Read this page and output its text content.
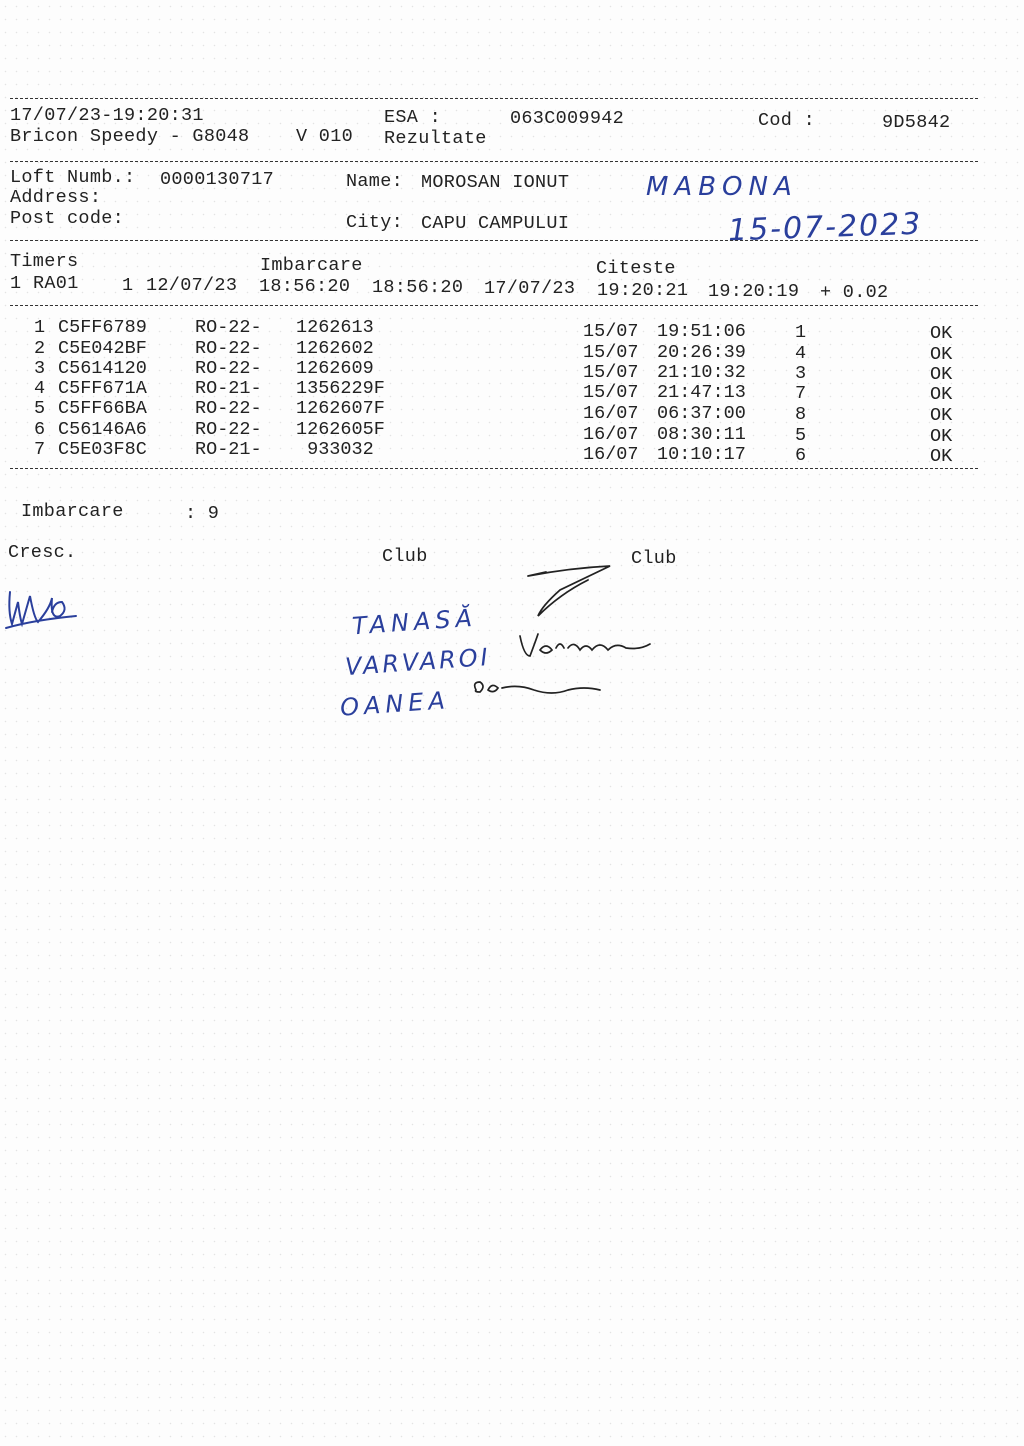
17/07/23-19:20:31
Bricon Speedy - G8048	V 010
ESA :	063C009942
Rezultate
Cod :	9D5842
Loft Numb.: 0000130717	Name: MOROSAN IONUT
Address:
Post code:	City: CAPU CAMPULUI
MABONA
15-07-2023
Timers	Imbarcare	Citeste
1 RA01 1 12/07/23 18:56:20 18:56:20 17/07/23 19:20:21 19:20:19 + 0.02
1 C5FF6789	RO-22- 1262613	15/07 19:51:06	1	OK
2 C5E042BF	RO-22- 1262602	15/07 20:26:39	4	OK
3 C5614120	RO-22- 1262609	15/07 21:10:32	3	OK
4 C5FF671A	RO-21- 1356229F	15/07 21:47:13	7	OK
5 C5FF66BA	RO-22- 1262607F	16/07 06:37:00	8	OK
6 C56146A6	RO-22- 1262605F	16/07 08:30:11	5	OK
7 C5E03F8C	RO-21- 933032	16/07 10:10:17	6	OK
Imbarcare	: 9
Cresc.	Club	Club
TANASĂ
VARVAROI
OANEA
